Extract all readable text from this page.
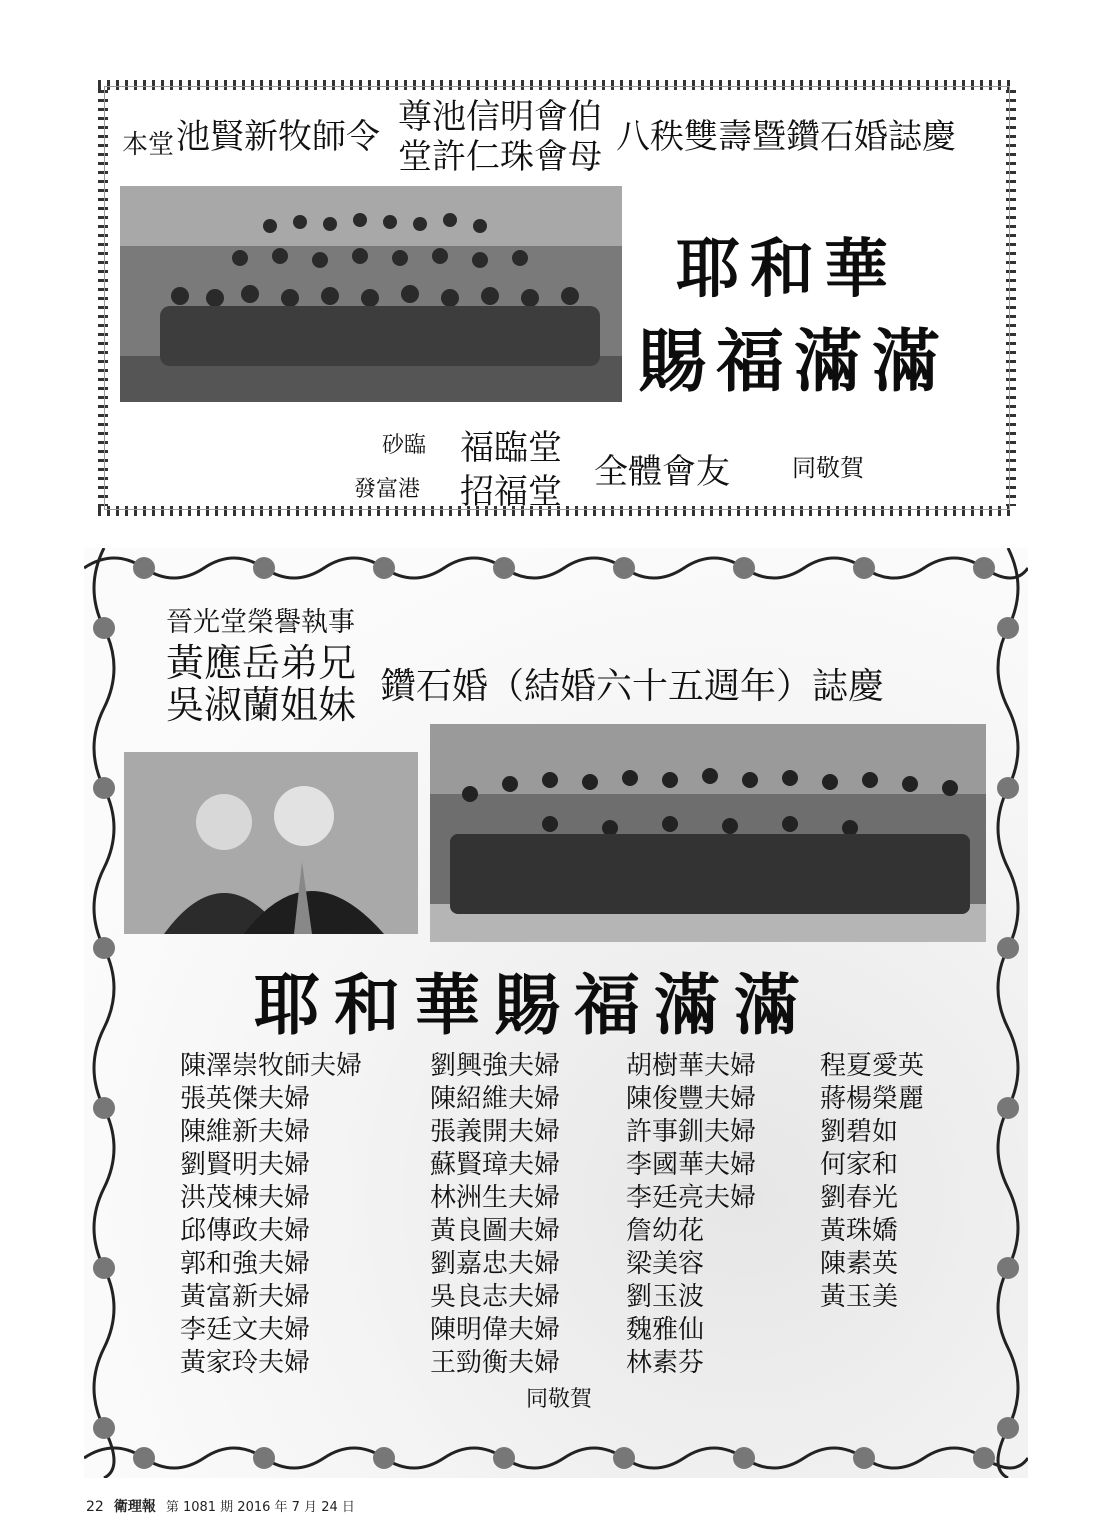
本堂 池賢新牧師令 尊池信明會伯
堂許仁珠會母 八秩雙壽暨鑽石婚誌慶
耶和華
賜福滿滿
砂臨
發富港
福臨堂
招福堂 全體會友	同敬賀
晉光堂榮譽執事
黃應岳弟兄
吳淑蘭姐妹 鑽石婚（結婚六十五週年）誌慶
耶和華賜福滿滿
陳澤崇牧師夫婦
張英傑夫婦
陳維新夫婦
劉賢明夫婦
洪茂棟夫婦
邱傳政夫婦
郭和強夫婦
黃富新夫婦
李廷文夫婦
黃家玲夫婦
劉興強夫婦
陳紹維夫婦
張義開夫婦
蘇賢璋夫婦
林洲生夫婦
黃良圖夫婦
劉嘉忠夫婦
吳良志夫婦
陳明偉夫婦
王勁衡夫婦
胡樹華夫婦
陳俊豐夫婦
許事釧夫婦
李國華夫婦
李廷亮夫婦
詹幼花
梁美容
劉玉波
魏雅仙
林素芬
程夏愛英
蔣楊榮麗
劉碧如
何家和
劉春光
黃珠嬌
陳素英
黃玉美
同敬賀
22 衛理報 第 1081 期 2016 年 7 月 24 日
